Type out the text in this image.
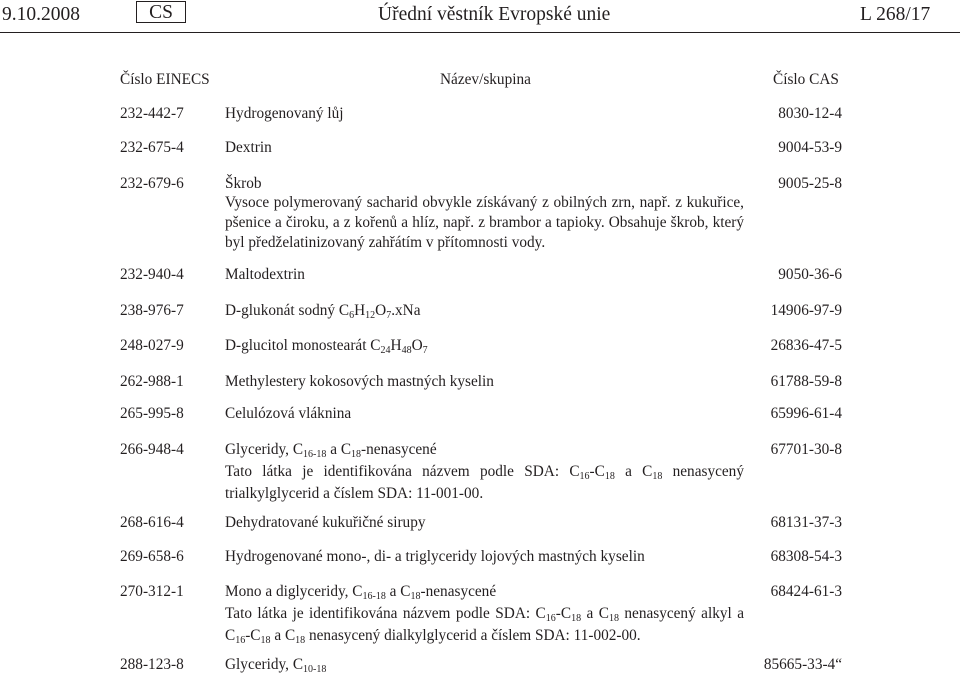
9.10.2008	CS	Úřední věstník Evropské unie	L 268/17
Číslo EINECS	Název/skupina	Číslo CAS
232-442-7	Hydrogenovaný lůj	8030-12-4
232-675-4	Dextrin	9004-53-9
232-679-6	Škrob	9005-25-8
Vysoce polymerovaný sacharid obvykle získávaný z obilných zrn, např. z kukuřice, pšenice a čiroku, a z kořenů a hlíz, např. z brambor a tapioky. Obsahuje škrob, který byl předželatinizovaný zahřátím v přítomnosti vody.
232-940-4	Maltodextrin	9050-36-6
238-976-7	D-glukonát sodný $C_6H_{12}O_7.xNa$	14906-97-9
248-027-9	D-glucitol monostearát $C_{24}H_{48}O_7$	26836-47-5
262-988-1	Methylestery kokosových mastných kyselin	61788-59-8
265-995-8	Celulózová vláknina	65996-61-4
266-948-4	Glyceridy, $C_{16-18}$ a $C_{18}$-nenasycené	67701-30-8
Tato látka je identifikována názvem podle SDA: $C_{16}-C_{18}$ a $C_{18}$ nenasycený trialkylglycerid a číslem SDA: 11-001-00.
268-616-4	Dehydratované kukuřičné sirupy	68131-37-3
269-658-6	Hydrogenované mono-, di- a triglyceridy lojových mastných kyselin	68308-54-3
270-312-1	Mono a diglyceridy, $C_{16-18}$ a $C_{18}$-nenasycené	68424-61-3
Tato látka je identifikována názvem podle SDA: $C_{16}-C_{18}$ a $C_{18}$ nenasycený alkyl a $C_{16}-C_{18}$ a $C_{18}$ nenasycený dialkylglycerid a číslem SDA: 11-002-00.
288-123-8	Glyceridy, $C_{10-18}$	85665-33-4“
